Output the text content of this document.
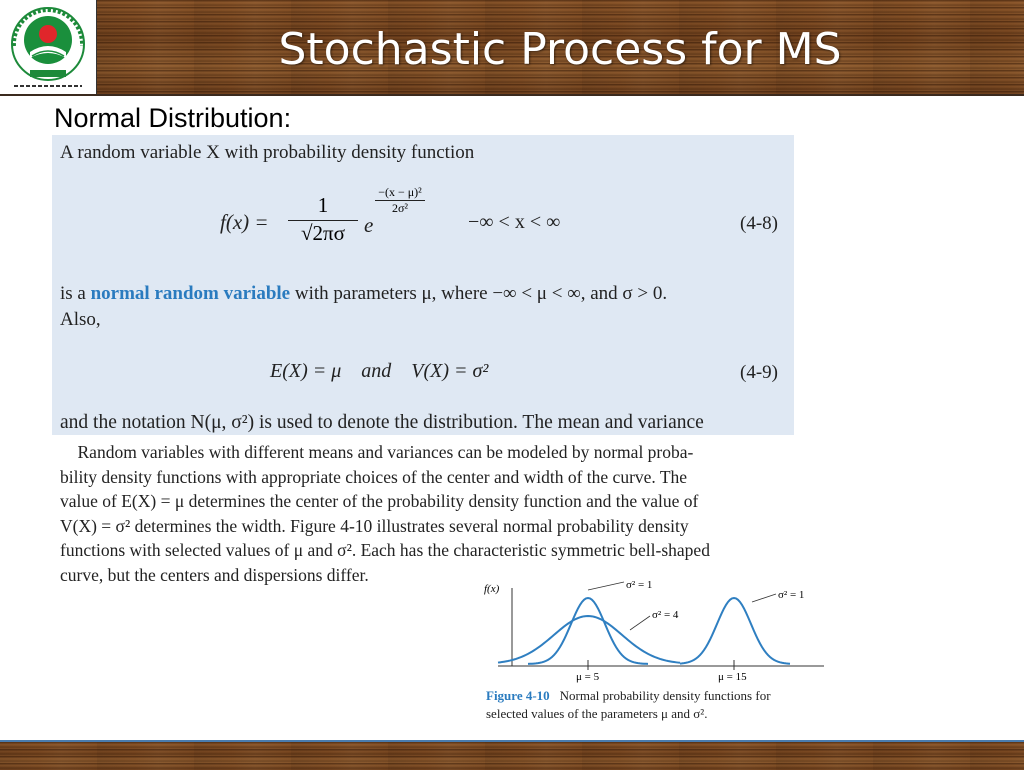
Stochastic Process for MS
Normal Distribution:
A random variable X with probability density function
$f(x) = \frac{1}{√2\pi\sigma}$ e
$\frac{\text{−(x − μ)²}}{\text{2σ²}}$
−∞ < x < ∞	(4-8)
is a normal random variable with parameters μ, where −∞ < μ < ∞, and σ > 0.
Also,
E(X) = μ    and    V(X) = σ²	(4-9)
and the notation N(μ, σ²) is used to denote the distribution. The mean and variance
Random variables with different means and variances can be modeled by normal proba-
bility density functions with appropriate choices of the center and width of the curve. The
value of E(X) = μ determines the center of the probability density function and the value of
V(X) = σ² determines the width. Figure 4-10 illustrates several normal probability density
functions with selected values of μ and σ². Each has the characteristic symmetric bell-shaped
curve, but the centers and dispersions differ.
f(x)	σ² = 1
σ² = 4
σ² = 1
μ = 5	μ = 15
Figure 4-10 Normal probability density functions for
selected values of the parameters μ and σ².
